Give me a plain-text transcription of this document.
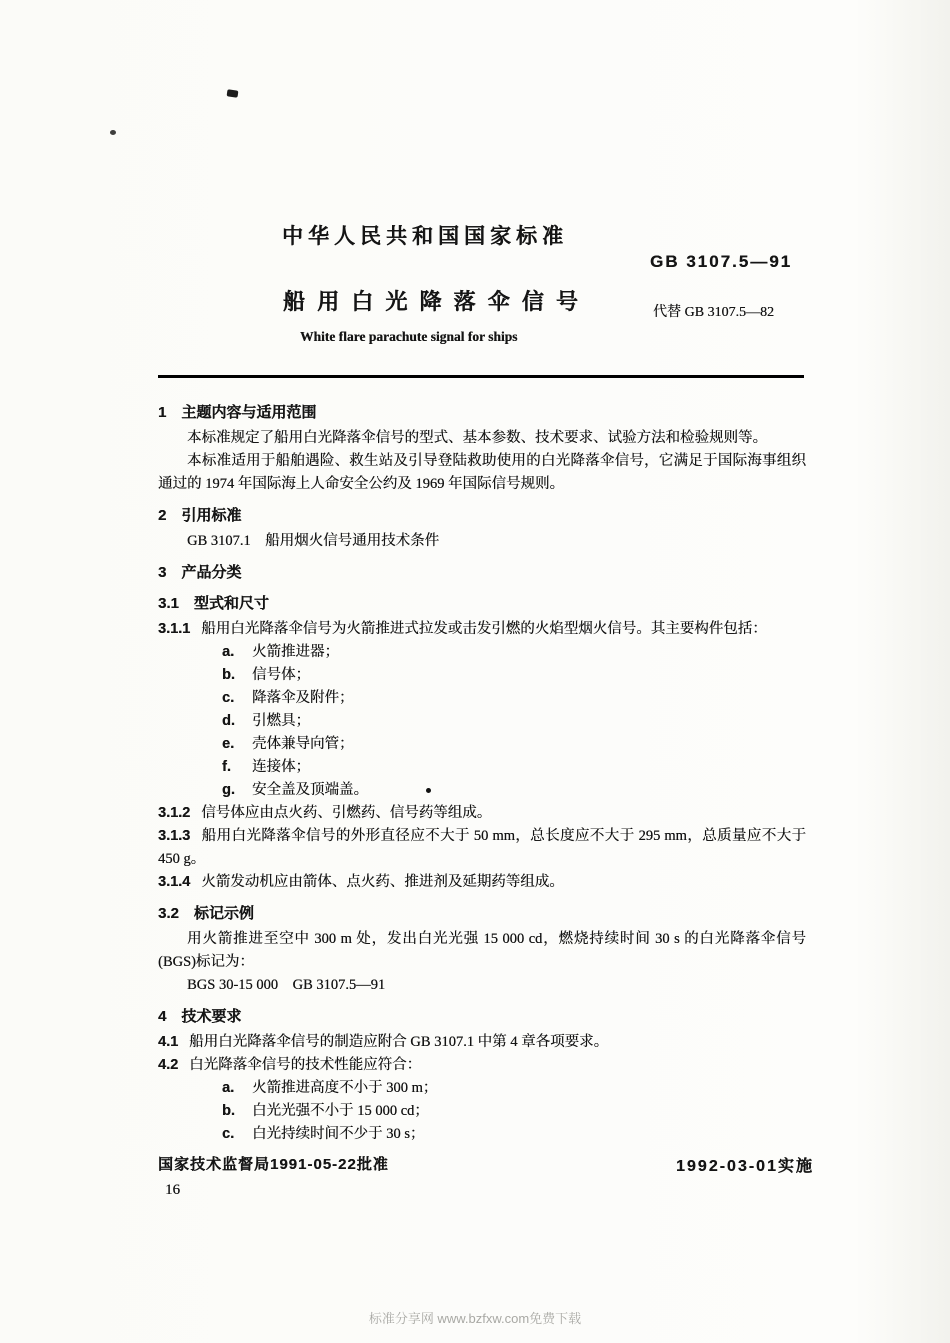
中华人民共和国国家标准
GB 3107.5—91
船 用 白 光 降 落 伞 信 号	代替 GB 3107.5—82
White flare parachute signal for ships

1　主题内容与适用范围

本标准规定了船用白光降落伞信号的型式、基本参数、技术要求、试验方法和检验规则等。

本标准适用于船舶遇险、救生站及引导登陆救助使用的白光降落伞信号，它满足于国际海事组织通过的 1974 年国际海上人命安全公约及 1969 年国际信号规则。

2　引用标准

GB 3107.1　船用烟火信号通用技术条件

3　产品分类

3.1　型式和尺寸

3.1.1 船用白光降落伞信号为火箭推进式拉发或击发引燃的火焰型烟火信号。其主要构件包括：

a. 火箭推进器；
b. 信号体；
c. 降落伞及附件；
d. 引燃具；
e. 壳体兼导向管；
f. 连接体；
g. 安全盖及顶端盖。

3.1.2 信号体应由点火药、引燃药、信号药等组成。

3.1.3 船用白光降落伞信号的外形直径应不大于 50 mm，总长度应不大于 295 mm，总质量应不大于 450 g。

3.1.4 火箭发动机应由箭体、点火药、推进剂及延期药等组成。

3.2　标记示例

用火箭推进至空中 300 m 处，发出白光光强 15 000 cd，燃烧持续时间 30 s 的白光降落伞信号(BGS)标记为：

BGS 30-15 000　GB 3107.5—91

4　技术要求

4.1 船用白光降落伞信号的制造应附合 GB 3107.1 中第 4 章各项要求。

4.2 白光降落伞信号的技术性能应符合：

a. 火箭推进高度不小于 300 m；
b. 白光光强不小于 15 000 cd；
c. 白光持续时间不少于 30 s；
国家技术监督局1991-05-22批准	1992-03-01实施
16
标准分享网 www.bzfxw.com免费下载
